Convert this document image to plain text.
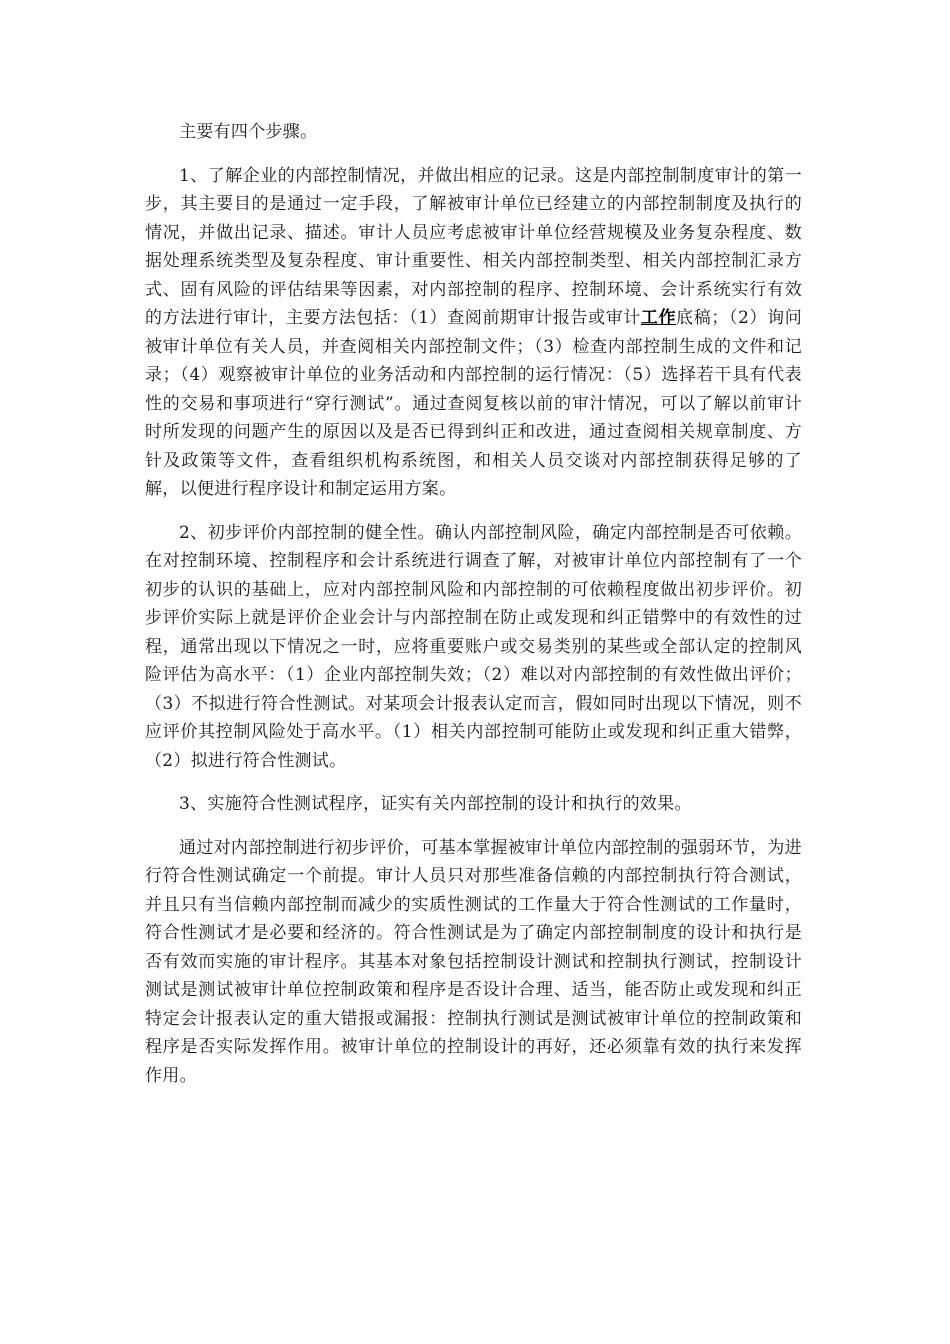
主要有四个步骤。

1、了解企业的内部控制情况，并做出相应的记录。这是内部控制制度审计的第一步，其主要目的是通过一定手段，了解被审计单位已经建立的内部控制制度及执行的情况，并做出记录、描述。审计人员应考虑被审计单位经营规模及业务复杂程度、数据处理系统类型及复杂程度、审计重要性、相关内部控制类型、相关内部控制汇录方式、固有风险的评估结果等因素，对内部控制的程序、控制环境、会计系统实行有效的方法进行审计，主要方法包括：（1）查阅前期审计报告或审计工作底稿；（2）询问被审计单位有关人员，并查阅相关内部控制文件；（3）检查内部控制生成的文件和记录；（4）观察被审计单位的业务活动和内部控制的运行情况：（5）选择若干具有代表性的交易和事项进行“穿行测试”。通过查阅复核以前的审汁情况，可以了解以前审计时所发现的问题产生的原因以及是否已得到纠正和改进，通过查阅相关规章制度、方针及政策等文件，查看组织机构系统图，和相关人员交谈对内部控制获得足够的了解，以便进行程序设计和制定运用方案。

2、初步评价内部控制的健全性。确认内部控制风险，确定内部控制是否可依赖。在对控制环境、控制程序和会计系统进行调查了解，对被审计单位内部控制有了一个初步的认识的基础上，应对内部控制风险和内部控制的可依赖程度做出初步评价。初步评价实际上就是评价企业会计与内部控制在防止或发现和纠正错弊中的有效性的过程，通常出现以下情况之一时，应将重要账户或交易类别的某些或全部认定的控制风险评估为高水平：（1）企业内部控制失效；（2）难以对内部控制的有效性做出评价；（3）不拟进行符合性测试。对某项会计报表认定而言，假如同时出现以下情况，则不应评价其控制风险处于高水平。（1）相关内部控制可能防止或发现和纠正重大错弊，（2）拟进行符合性测试。

3、实施符合性测试程序，证实有关内部控制的设计和执行的效果。

通过对内部控制进行初步评价，可基本掌握被审计单位内部控制的强弱环节，为进行符合性测试确定一个前提。审计人员只对那些准备信赖的内部控制执行符合测试，并且只有当信赖内部控制而减少的实质性测试的工作量大于符合性测试的工作量时，符合性测试才是必要和经济的。符合性测试是为了确定内部控制制度的设计和执行是否有效而实施的审计程序。其基本对象包括控制设计测试和控制执行测试，控制设计测试是测试被审计单位控制政策和程序是否设计合理、适当，能否防止或发现和纠正特定会计报表认定的重大错报或漏报：控制执行测试是测试被审计单位的控制政策和程序是否实际发挥作用。被审计单位的控制设计的再好，还必须靠有效的执行来发挥作用。
